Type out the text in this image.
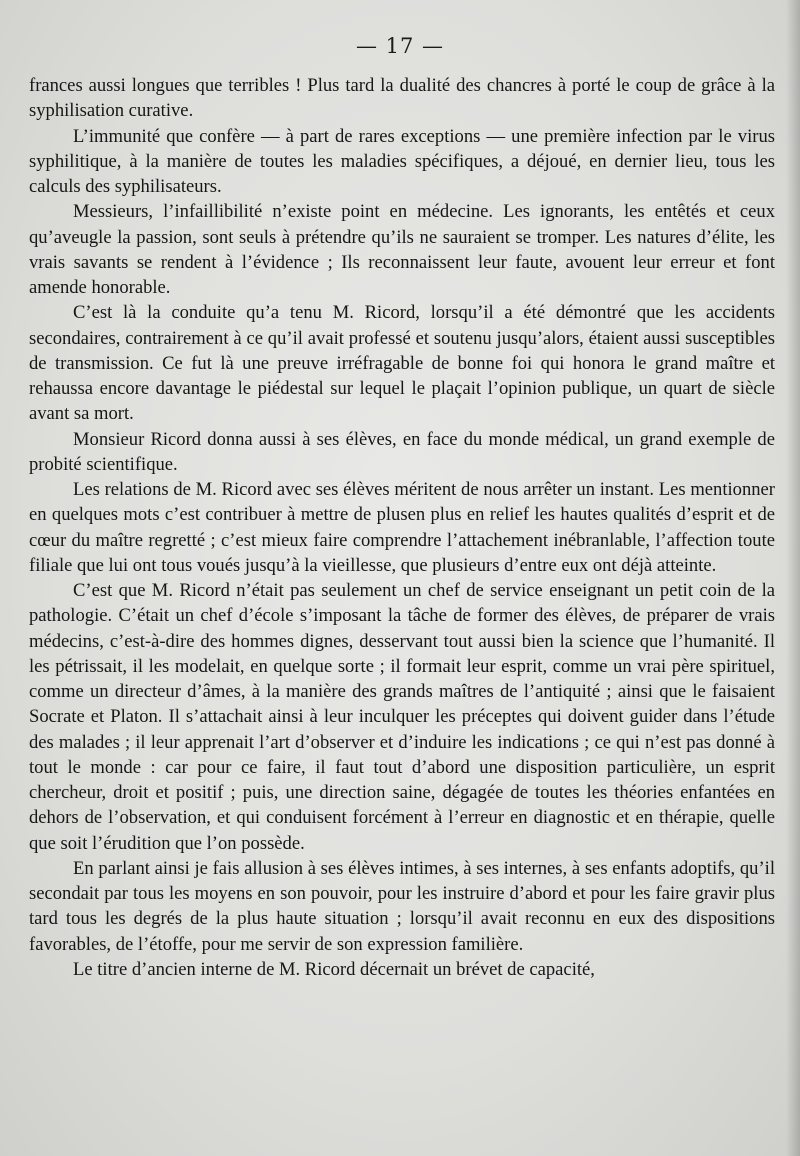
— 17 —

frances aussi longues que terribles ! Plus tard la dualité des chancres à porté le coup de grâce à la syphilisation curative.

L’immunité que confère — à part de rares exceptions — une première infection par le virus syphilitique, à la manière de toutes les maladies spécifiques, a déjoué, en dernier lieu, tous les calculs des syphilisateurs.

Messieurs, l’infaillibilité n’existe point en médecine. Les ignorants, les entêtés et ceux qu’aveugle la passion, sont seuls à prétendre qu’ils ne sauraient se tromper. Les natures d’élite, les vrais savants se rendent à l’évidence ; Ils reconnaissent leur faute, avouent leur erreur et font amende honorable.

C’est là la conduite qu’a tenu M. Ricord, lorsqu’il a été démontré que les accidents secondaires, contrairement à ce qu’il avait professé et soutenu jusqu’alors, étaient aussi susceptibles de transmission. Ce fut là une preuve irréfragable de bonne foi qui honora le grand maître et rehaussa encore davantage le piédestal sur lequel le plaçait l’opinion publique, un quart de siècle avant sa mort.

Monsieur Ricord donna aussi à ses élèves, en face du monde médical, un grand exemple de probité scientifique.

Les relations de M. Ricord avec ses élèves méritent de nous arrêter un instant. Les mentionner en quelques mots c’est contribuer à mettre de plusen plus en relief les hautes qualités d’esprit et de cœur du maître regretté ; c’est mieux faire comprendre l’attachement inébranlable, l’affection toute filiale que lui ont tous voués jusqu’à la vieillesse, que plusieurs d’entre eux ont déjà atteinte.

C’est que M. Ricord n’était pas seulement un chef de service enseignant un petit coin de la pathologie. C’était un chef d’école s’imposant la tâche de former des élèves, de préparer de vrais médecins, c’est-à-dire des hommes dignes, desservant tout aussi bien la science que l’humanité. Il les pétrissait, il les modelait, en quelque sorte ; il formait leur esprit, comme un vrai père spirituel, comme un directeur d’âmes, à la manière des grands maîtres de l’antiquité ; ainsi que le faisaient Socrate et Platon. Il s’attachait ainsi à leur inculquer les préceptes qui doivent guider dans l’étude des malades ; il leur apprenait l’art d’observer et d’induire les indications ; ce qui n’est pas donné à tout le monde : car pour ce faire, il faut tout d’abord une disposition particulière, un esprit chercheur, droit et positif ; puis, une direction saine, dégagée de toutes les théories enfantées en dehors de l’observation, et qui conduisent forcément à l’erreur en diagnostic et en thérapie, quelle que soit l’érudition que l’on possède.

En parlant ainsi je fais allusion à ses élèves intimes, à ses internes, à ses enfants adoptifs, qu’il secondait par tous les moyens en son pouvoir, pour les instruire d’abord et pour les faire gravir plus tard tous les degrés de la plus haute situation ; lorsqu’il avait reconnu en eux des dispositions favorables, de l’étoffe, pour me servir de son expression familière.

Le titre d’ancien interne de M. Ricord décernait un brévet de capacité,
